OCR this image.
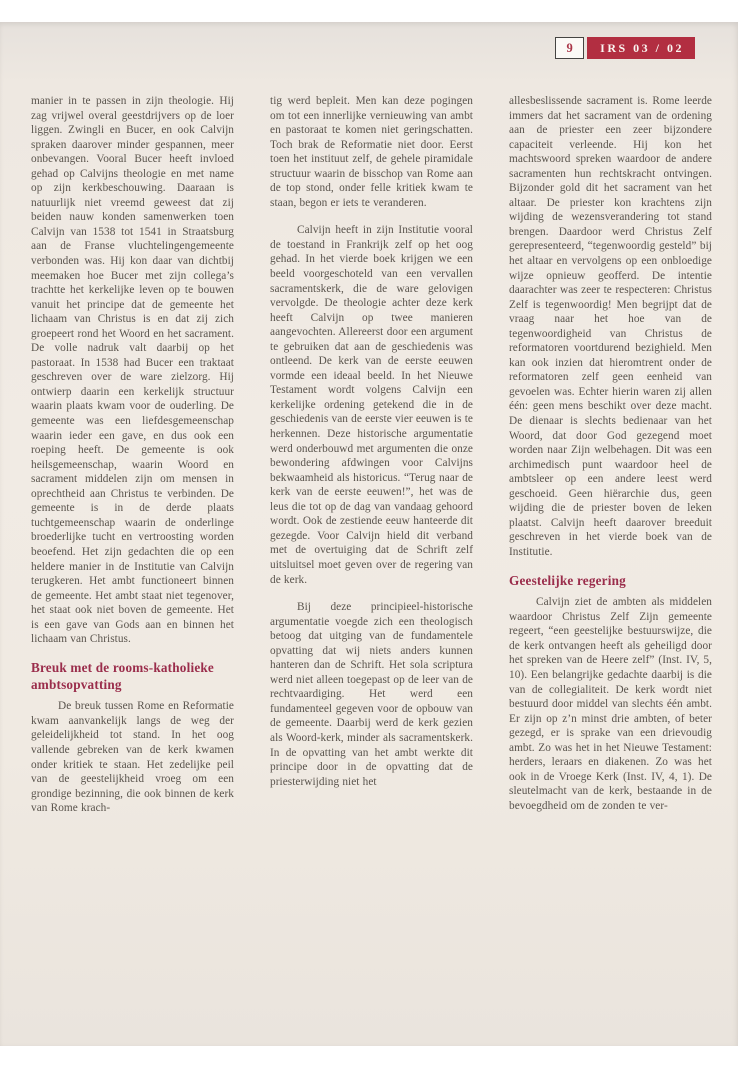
9	IRS 03 / 02

manier in te passen in zijn theologie. Hij zag vrijwel overal geestdrijvers op de loer liggen. Zwingli en Bucer, en ook Calvijn spraken daarover minder gespannen, meer onbevangen. Vooral Bucer heeft invloed gehad op Calvijns theologie en met name op zijn kerkbeschouwing. Daaraan is natuurlijk niet vreemd geweest dat zij beiden nauw konden samenwerken toen Calvijn van 1538 tot 1541 in Straatsburg aan de Franse vluchtelingengemeente verbonden was. Hij kon daar van dichtbij meemaken hoe Bucer met zijn collega’s trachtte het kerkelijke leven op te bouwen vanuit het principe dat de gemeente het lichaam van Christus is en dat zij zich groepeert rond het Woord en het sacrament. De volle nadruk valt daarbij op het pastoraat. In 1538 had Bucer een traktaat geschreven over de ware zielzorg. Hij ontwierp daarin een kerkelijk structuur waarin plaats kwam voor de ouderling. De gemeente was een liefdesgemeenschap waarin ieder een gave, en dus ook een roeping heeft. De gemeente is ook heilsgemeenschap, waarin Woord en sacrament middelen zijn om mensen in oprechtheid aan Christus te verbinden. De gemeente is in de derde plaats tuchtgemeenschap waarin de onderlinge broederlijke tucht en vertroosting worden beoefend. Het zijn gedachten die op een heldere manier in de Institutie van Calvijn terugkeren. Het ambt functioneert binnen de gemeente. Het ambt staat niet tegenover, het staat ook niet boven de gemeente. Het is een gave van Gods aan en binnen het lichaam van Christus.

Breuk met de rooms-katholieke ambtsopvatting

De breuk tussen Rome en Reformatie kwam aanvankelijk langs de weg der geleidelijkheid tot stand. In het oog vallende gebreken van de kerk kwamen onder kritiek te staan. Het zedelijke peil van de geestelijkheid vroeg om een grondige bezinning, die ook binnen de kerk van Rome krach-

tig werd bepleit. Men kan deze pogingen om tot een innerlijke vernieuwing van ambt en pastoraat te komen niet geringschatten. Toch brak de Reformatie niet door. Eerst toen het instituut zelf, de gehele piramidale structuur waarin de bisschop van Rome aan de top stond, onder felle kritiek kwam te staan, begon er iets te veranderen.

Calvijn heeft in zijn Institutie vooral de toestand in Frankrijk zelf op het oog gehad. In het vierde boek krijgen we een beeld voorgeschoteld van een vervallen sacramentskerk, die de ware gelovigen vervolgde. De theologie achter deze kerk heeft Calvijn op twee manieren aangevochten. Allereerst door een argument te gebruiken dat aan de geschiedenis was ontleend. De kerk van de eerste eeuwen vormde een ideaal beeld. In het Nieuwe Testament wordt volgens Calvijn een kerkelijke ordening getekend die in de geschiedenis van de eerste vier eeuwen is te herkennen. Deze historische argumentatie werd onderbouwd met argumenten die onze bewondering afdwingen voor Calvijns bekwaamheid als historicus. “Terug naar de kerk van de eerste eeuwen!”, het was de leus die tot op de dag van vandaag gehoord wordt. Ook de zestiende eeuw hanteerde dit gezegde. Voor Calvijn hield dit verband met de overtuiging dat de Schrift zelf uitsluitsel moet geven over de regering van de kerk.

Bij deze principieel-historische argumentatie voegde zich een theologisch betoog dat uitging van de fundamentele opvatting dat wij niets anders kunnen hanteren dan de Schrift. Het sola scriptura werd niet alleen toegepast op de leer van de rechtvaardiging. Het werd een fundamenteel gegeven voor de opbouw van de gemeente. Daarbij werd de kerk gezien als Woord-kerk, minder als sacramentskerk. In de opvatting van het ambt werkte dit principe door in de opvatting dat de priesterwijding niet het

allesbeslissende sacrament is. Rome leerde immers dat het sacrament van de ordening aan de priester een zeer bijzondere capaciteit verleende. Hij kon het machtswoord spreken waardoor de andere sacramenten hun rechtskracht ontvingen. Bijzonder gold dit het sacrament van het altaar. De priester kon krachtens zijn wijding de wezensverandering tot stand brengen. Daardoor werd Christus Zelf gerepresenteerd, “tegenwoordig gesteld” bij het altaar en vervolgens op een onbloedige wijze opnieuw geofferd. De intentie daarachter was zeer te respecteren: Christus Zelf is tegenwoordig! Men begrijpt dat de vraag naar het hoe van de tegenwoordigheid van Christus de reformatoren voortdurend bezighield. Men kan ook inzien dat hieromtrent onder de reformatoren zelf geen eenheid van gevoelen was. Echter hierin waren zij allen één: geen mens beschikt over deze macht. De dienaar is slechts bedienaar van het Woord, dat door God gezegend moet worden naar Zijn welbehagen. Dit was een archimedisch punt waardoor heel de ambtsleer op een andere leest werd geschoeid. Geen hiërarchie dus, geen wijding die de priester boven de leken plaatst. Calvijn heeft daarover breeduit geschreven in het vierde boek van de Institutie.

Geestelijke regering

Calvijn ziet de ambten als middelen waardoor Christus Zelf Zijn gemeente regeert, “een geestelijke bestuurswijze, die de kerk ontvangen heeft als geheiligd door het spreken van de Heere zelf” (Inst. IV, 5, 10). Een belangrijke gedachte daarbij is die van de collegialiteit. De kerk wordt niet bestuurd door middel van slechts één ambt. Er zijn op z’n minst drie ambten, of beter gezegd, er is sprake van een drievoudig ambt. Zo was het in het Nieuwe Testament: herders, leraars en diakenen. Zo was het ook in de Vroege Kerk (Inst. IV, 4, 1). De sleutelmacht van de kerk, bestaande in de bevoegdheid om de zonden te ver-
